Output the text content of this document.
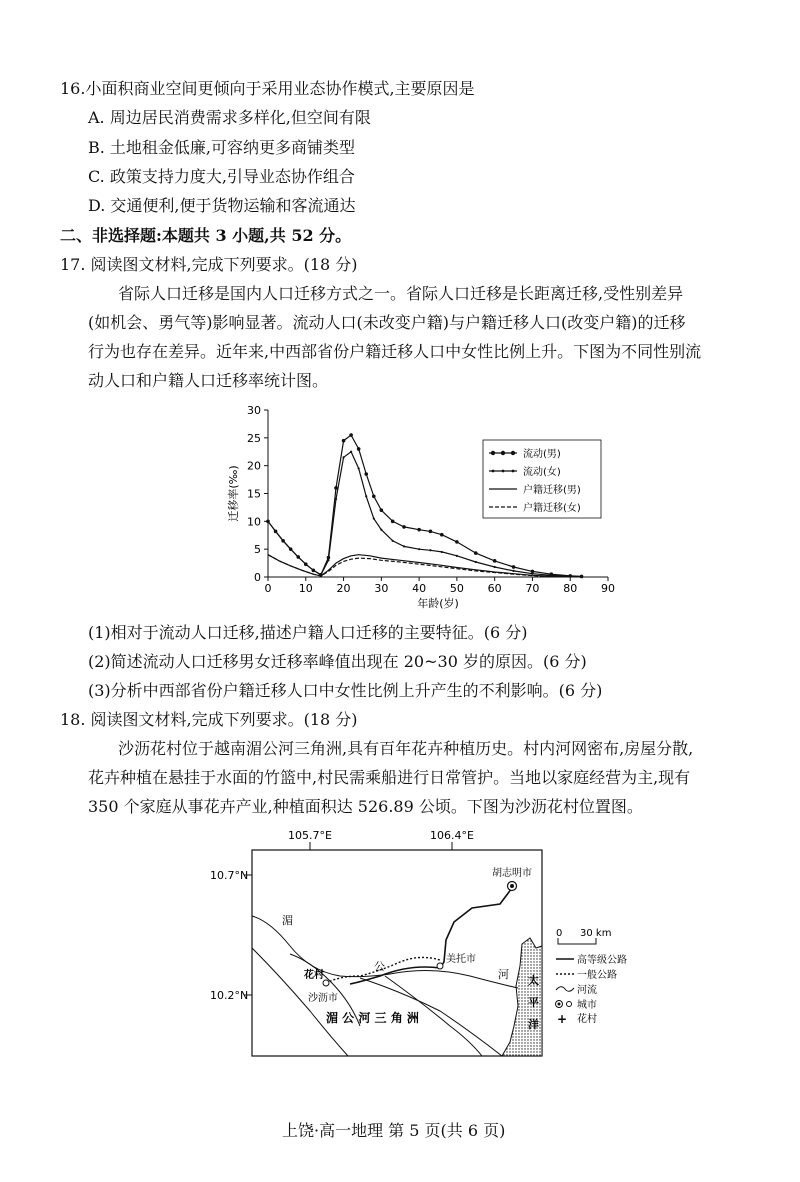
16.小面积商业空间更倾向于采用业态协作模式,主要原因是
A. 周边居民消费需求多样化,但空间有限
B. 土地租金低廉,可容纳更多商铺类型
C. 政策支持力度大,引导业态协作组合
D. 交通便利,便于货物运输和客流通达
二、非选择题:本题共 3 小题,共 52 分。
17. 阅读图文材料,完成下列要求。(18 分)
省际人口迁移是国内人口迁移方式之一。省际人口迁移是长距离迁移,受性别差异
(如机会、勇气等)影响显著。流动人口(未改变户籍)与户籍迁移人口(改变户籍)的迁移
行为也存在差异。近年来,中西部省份户籍迁移人口中女性比例上升。下图为不同性别流
动人口和户籍人口迁移率统计图。
0
5
10
15
20
25
30
0 10 20 30 40 50 60 70 80 90
年龄(岁)
迁移率(‰)
流动(男)
流动(女)
户籍迁移(男)
户籍迁移(女)
(1)相对于流动人口迁移,描述户籍人口迁移的主要特征。(6 分)
(2)简述流动人口迁移男女迁移率峰值出现在 20~30 岁的原因。(6 分)
(3)分析中西部省份户籍迁移人口中女性比例上升产生的不利影响。(6 分)
18. 阅读图文材料,完成下列要求。(18 分)
沙沥花村位于越南湄公河三角洲,具有百年花卉种植历史。村内河网密布,房屋分散,
花卉种植在悬挂于水面的竹篮中,村民需乘船进行日常管护。当地以家庭经营为主,现有
350 个家庭从事花卉产业,种植面积达 526.89 公顷。下图为沙沥花村位置图。
105.7°E	106.4°E
10.7°N
10.2°N
胡志明市
美托市
沙沥市
花村
湄
公
河
湄 公 河 三 角 洲
太
平
洋
0 30 km
高等级公路
一般公路
河流
城市
+ 花村
上饶·高一地理 第 5 页(共 6 页)
